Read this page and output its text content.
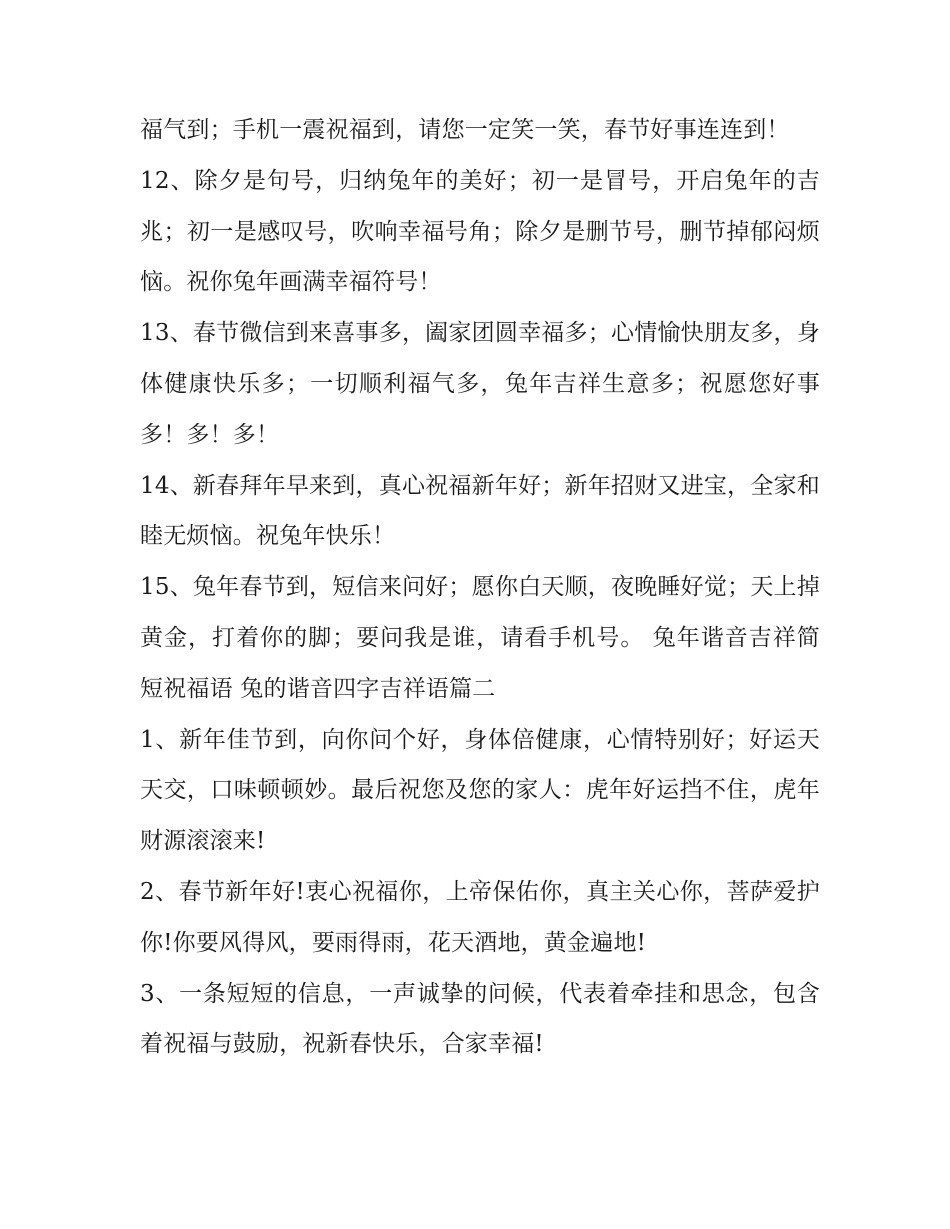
福气到；手机一震祝福到，请您一定笑一笑，春节好事连连到！

12、除夕是句号，归纳兔年的美好；初一是冒号，开启兔年的吉兆；初一是感叹号，吹响幸福号角；除夕是删节号，删节掉郁闷烦恼。祝你兔年画满幸福符号！

13、春节微信到来喜事多，阖家团圆幸福多；心情愉快朋友多，身体健康快乐多；一切顺利福气多，兔年吉祥生意多；祝愿您好事多！多！多！

14、新春拜年早来到，真心祝福新年好；新年招财又进宝，全家和睦无烦恼。祝兔年快乐！

15、兔年春节到，短信来问好；愿你白天顺，夜晚睡好觉；天上掉黄金，打着你的脚；要问我是谁，请看手机号。 兔年谐音吉祥简短祝福语 兔的谐音四字吉祥语篇二

1、新年佳节到，向你问个好，身体倍健康，心情特别好；好运天天交，口味顿顿妙。最后祝您及您的家人：虎年好运挡不住，虎年财源滚滚来!

2、春节新年好!衷心祝福你，上帝保佑你，真主关心你，菩萨爱护你!你要风得风，要雨得雨，花天酒地，黄金遍地!

3、一条短短的信息，一声诚挚的问候，代表着牵挂和思念，包含着祝福与鼓励，祝新春快乐，合家幸福!
